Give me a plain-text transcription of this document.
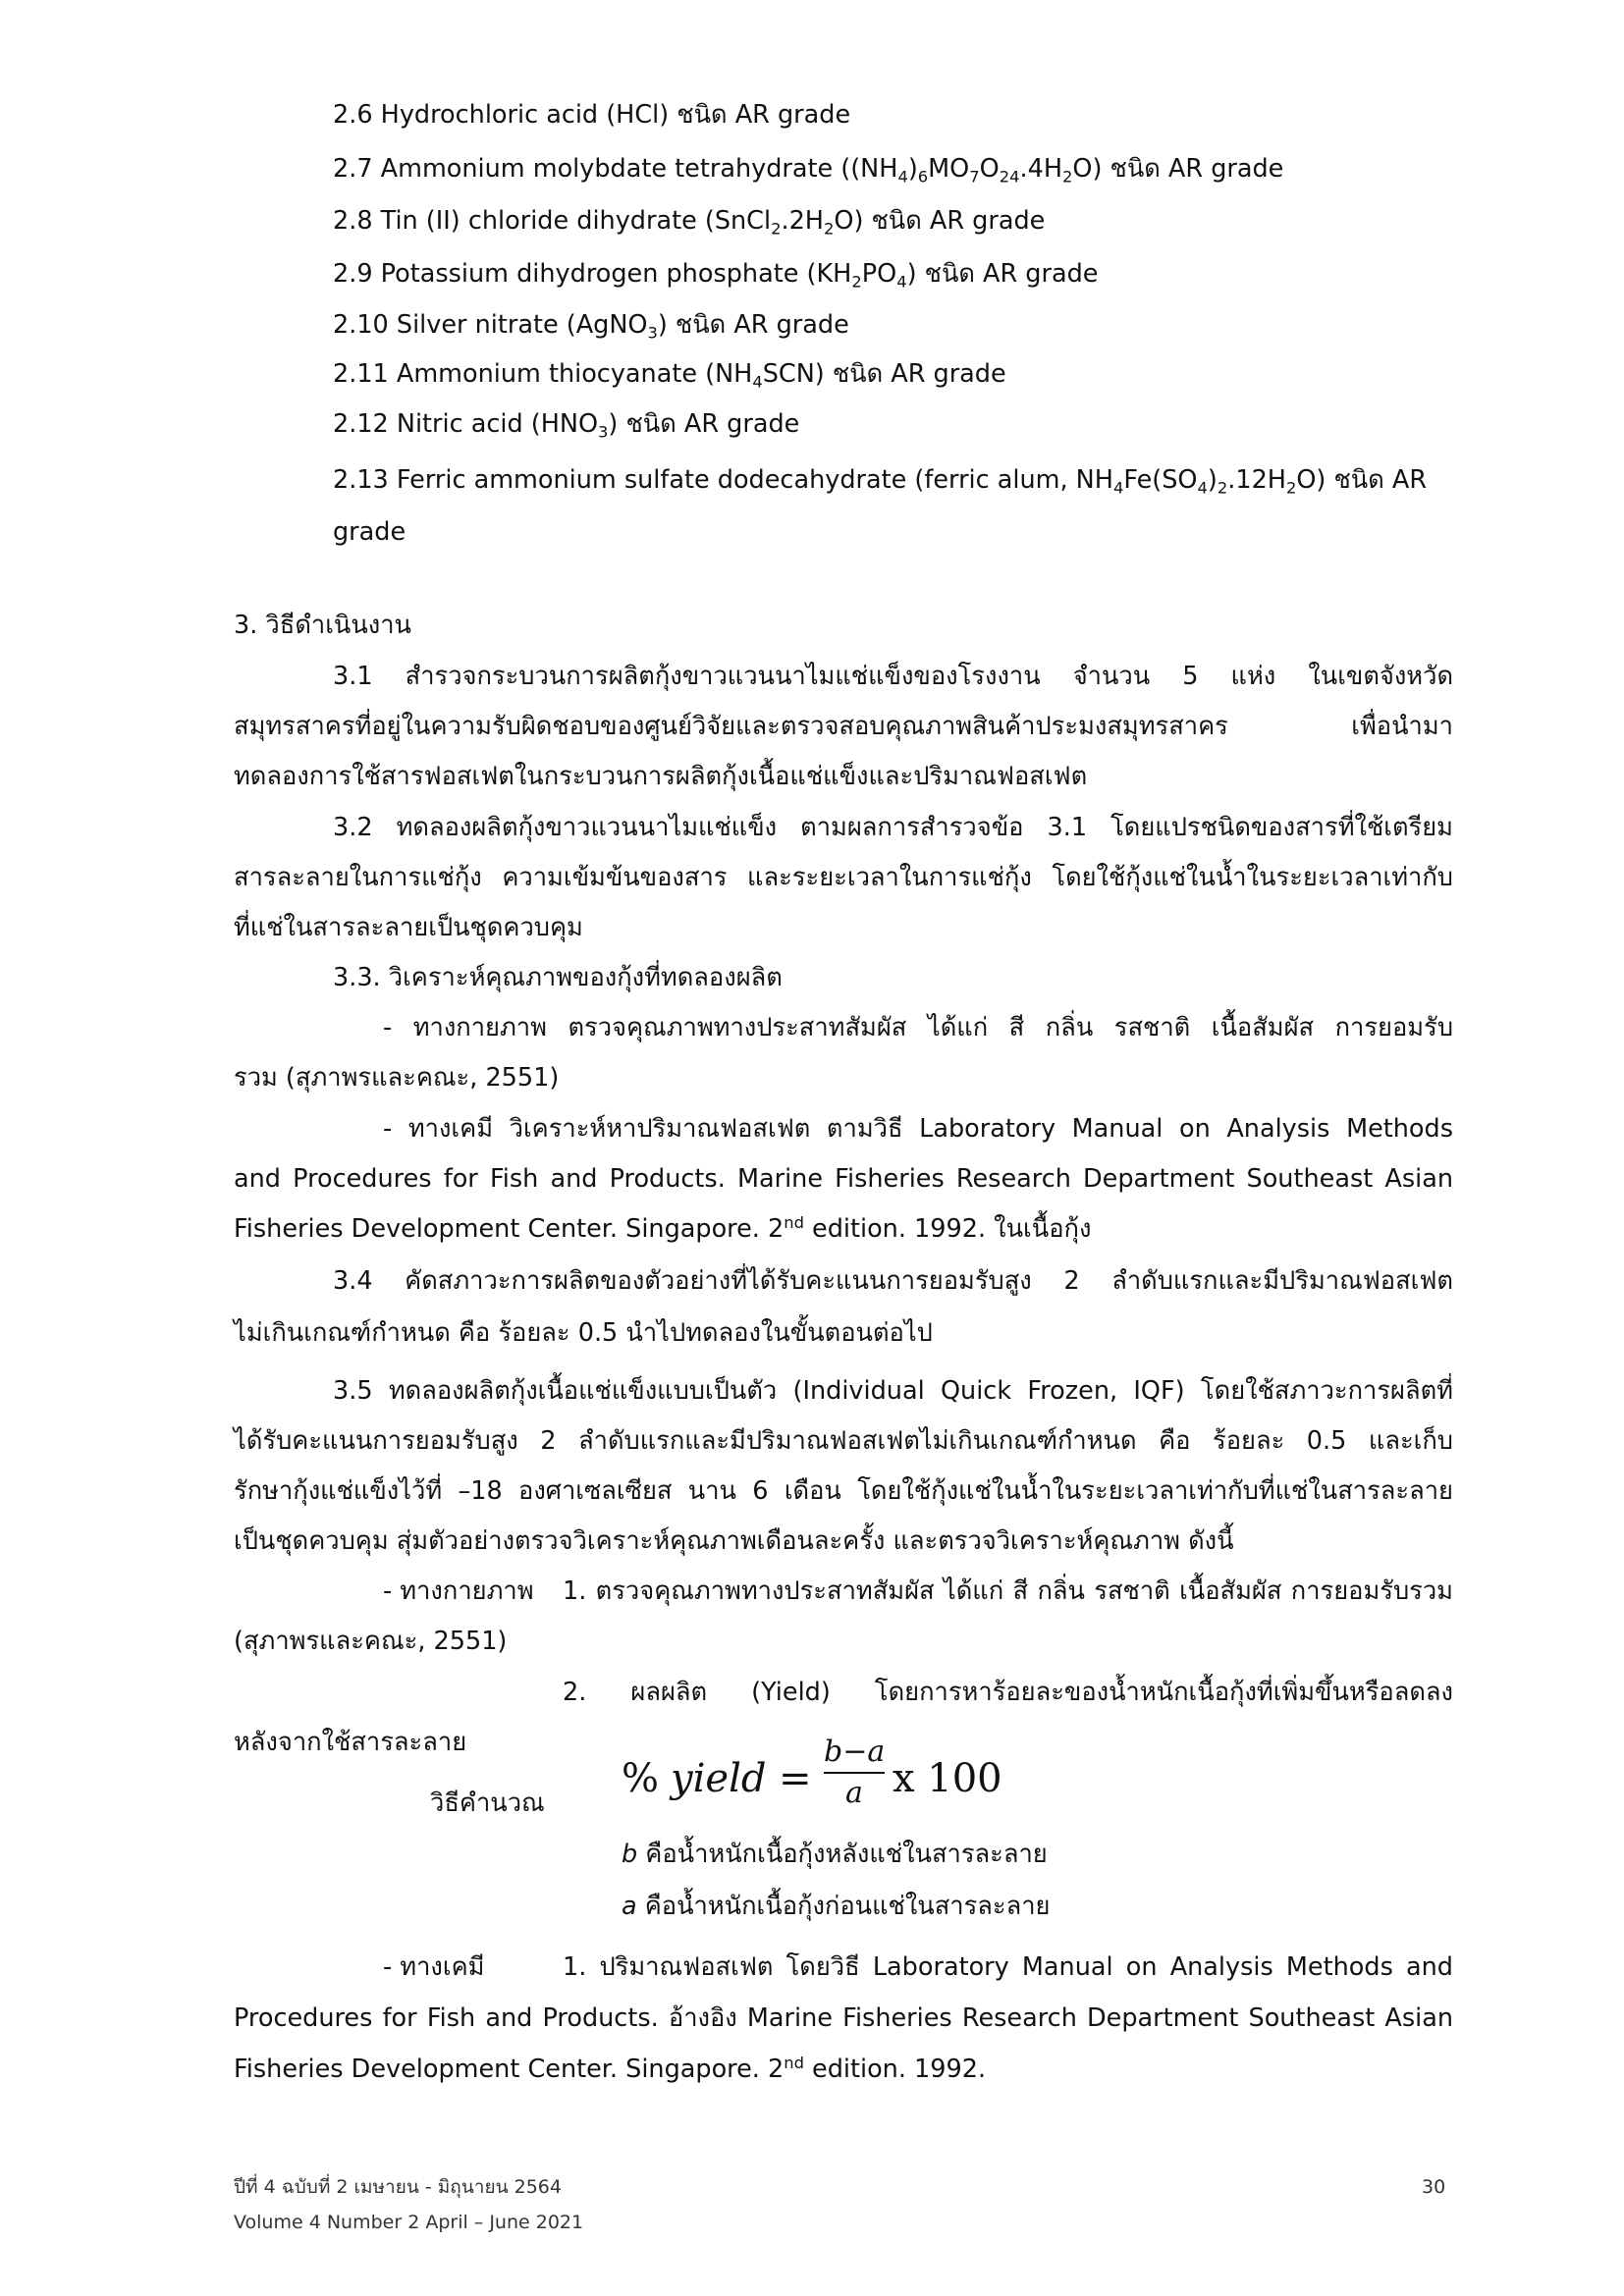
2.6 Hydrochloric acid (HCl) ชนิด AR grade
2.7 Ammonium molybdate tetrahydrate $((NH_4)_6MO_7O_{24}.4H_2O)$ ชนิด AR grade
2.8 Tin (II) chloride dihydrate $(SnCl_2.2H_2O)$ ชนิด AR grade
2.9 Potassium dihydrogen phosphate $(KH_2PO_4)$ ชนิด AR grade
2.10 Silver nitrate (AgNO$_3$) ชนิด AR grade
2.11 Ammonium thiocyanate $(NH_4SCN)$ ชนิด AR grade
2.12 Nitric acid $(HNO_3)$ ชนิด AR grade
2.13 Ferric ammonium sulfate dodecahydrate (ferric alum, $NH_4Fe(SO_4)_2.12H_2O$) ชนิด AR
grade
3. วิธีดำเนินงาน
3.1 สำรวจกระบวนการผลิตกุ้งขาวแวนนาไมแช่แข็งของโรงงาน จำนวน 5 แห่ง ในเขตจังหวัด
สมุทรสาครที่อยู่ในความรับผิดชอบของศูนย์วิจัยและตรวจสอบคุณภาพสินค้าประมงสมุทรสาคร เพื่อนำมา
ทดลองการใช้สารฟอสเฟตในกระบวนการผลิตกุ้งเนื้อแช่แข็งและปริมาณฟอสเฟต
3.2 ทดลองผลิตกุ้งขาวแวนนาไมแช่แข็ง ตามผลการสำรวจข้อ 3.1 โดยแปรชนิดของสารที่ใช้เตรียม
สารละลายในการแช่กุ้ง ความเข้มข้นของสาร และระยะเวลาในการแช่กุ้ง โดยใช้กุ้งแช่ในน้ำในระยะเวลาเท่ากับ
ที่แช่ในสารละลายเป็นชุดควบคุม
3.3. วิเคราะห์คุณภาพของกุ้งที่ทดลองผลิต
- ทางกายภาพ ตรวจคุณภาพทางประสาทสัมผัส ได้แก่ สี กลิ่น รสชาติ เนื้อสัมผัส การยอมรับ
รวม (สุภาพรและคณะ, 2551)
- ทางเคมี วิเคราะห์หาปริมาณฟอสเฟต ตามวิธี Laboratory Manual on Analysis Methods
and Procedures for Fish and Products. Marine Fisheries Research Department Southeast Asian
Fisheries Development Center. Singapore. 2nd edition. 1992. ในเนื้อกุ้ง
3.4 คัดสภาวะการผลิตของตัวอย่างที่ได้รับคะแนนการยอมรับสูง 2 ลำดับแรกและมีปริมาณฟอสเฟต
ไม่เกินเกณฑ์กำหนด คือ ร้อยละ 0.5 นำไปทดลองในขั้นตอนต่อไป
3.5 ทดลองผลิตกุ้งเนื้อแช่แข็งแบบเป็นตัว (Individual Quick Frozen, IQF) โดยใช้สภาวะการผลิตที่
ได้รับคะแนนการยอมรับสูง 2 ลำดับแรกและมีปริมาณฟอสเฟตไม่เกินเกณฑ์กำหนด คือ ร้อยละ 0.5 และเก็บ
รักษากุ้งแช่แข็งไว้ที่ –18 องศาเซลเซียส นาน 6 เดือน โดยใช้กุ้งแช่ในน้ำในระยะเวลาเท่ากับที่แช่ในสารละลาย
เป็นชุดควบคุม สุ่มตัวอย่างตรวจวิเคราะห์คุณภาพเดือนละครั้ง และตรวจวิเคราะห์คุณภาพ ดังนี้
- ทางกายภาพ 1. ตรวจคุณภาพทางประสาทสัมผัส ได้แก่ สี กลิ่น รสชาติ เนื้อสัมผัส การยอมรับรวม
(สุภาพรและคณะ, 2551)
2. ผลผลิต (Yield) โดยการหาร้อยละของน้ำหนักเนื้อกุ้งที่เพิ่มขึ้นหรือลดลง
หลังจากใช้สารละลาย
วิธีคำนวณ
% yield =
b−a
a x 100
b คือน้ำหนักเนื้อกุ้งหลังแช่ในสารละลาย
a คือน้ำหนักเนื้อกุ้งก่อนแช่ในสารละลาย
- ทางเคมี	1. ปริมาณฟอสเฟต โดยวิธี Laboratory Manual on Analysis Methods and
Procedures for Fish and Products. อ้างอิง Marine Fisheries Research Department Southeast Asian
Fisheries Development Center. Singapore. 2nd edition. 1992.
ปีที่ 4 ฉบับที่ 2 เมษายน - มิถุนายน 2564
Volume 4 Number 2 April – June 2021
30
